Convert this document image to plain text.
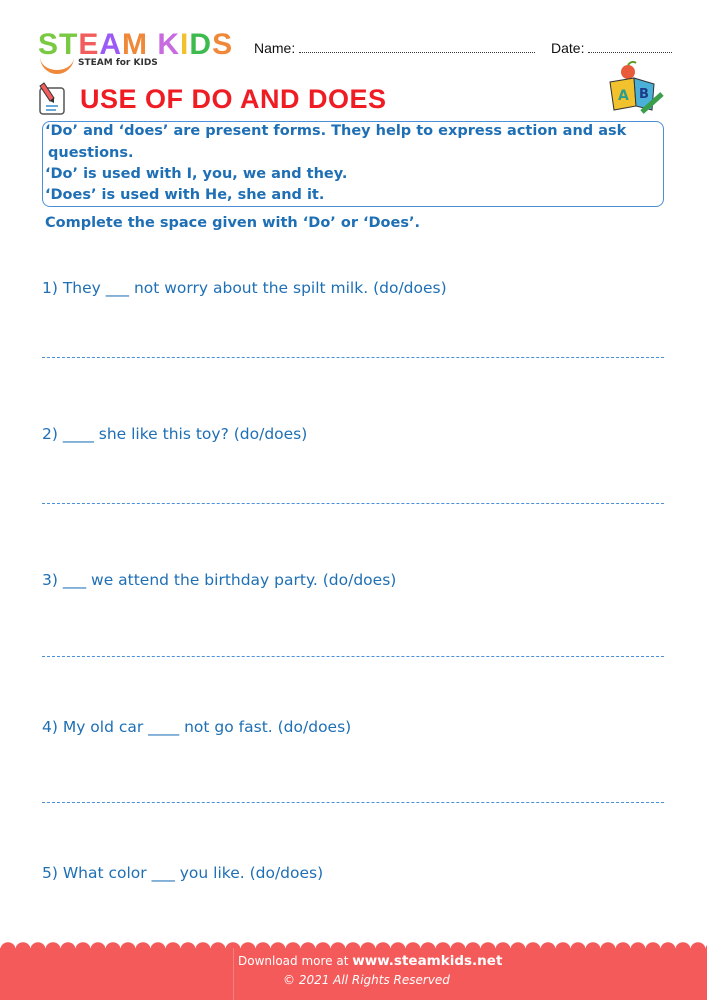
STEAM KIDS
STEAM for KIDS
Name:	Date:
USE OF DO AND DOES	A B
‘Do’ and ‘does’ are present forms. They help to express action and ask
questions.
‘Do’ is used with I, you, we and they.
‘Does’ is used with He, she and it.
Complete the space given with ‘Do’ or ‘Does’.
1) They ___ not worry about the spilt milk. (do/does)
2) ____ she like this toy? (do/does)
3) ___ we attend the birthday party. (do/does)
4) My old car ____ not go fast. (do/does)
5) What color ___ you like. (do/does)
Download more at www.steamkids.net
© 2021 All Rights Reserved
